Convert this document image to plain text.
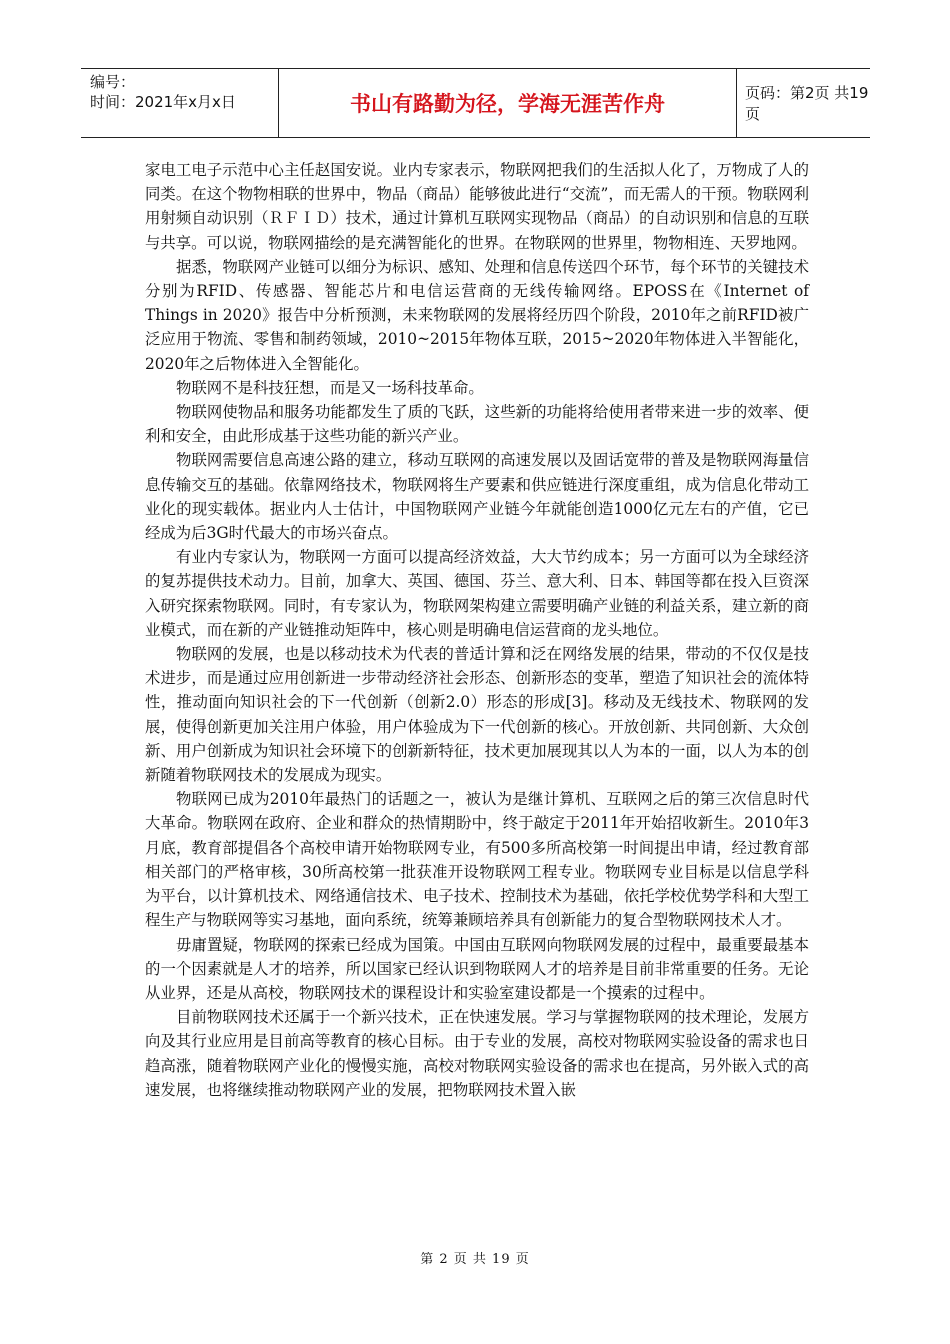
编号：
时间：2021年x月x日	书山有路勤为径，学海无涯苦作舟	页码：第2页 共19页

家电工电子示范中心主任赵国安说。业内专家表示，物联网把我们的生活拟人化了，万物成了人的同类。在这个物物相联的世界中，物品（商品）能够彼此进行“交流”，而无需人的干预。物联网利用射频自动识别（ＲＦＩＤ）技术，通过计算机互联网实现物品（商品）的自动识别和信息的互联与共享。可以说，物联网描绘的是充满智能化的世界。在物联网的世界里，物物相连、天罗地网。

据悉，物联网产业链可以细分为标识、感知、处理和信息传送四个环节，每个环节的关键技术分别为RFID、传感器、智能芯片和电信运营商的无线传输网络。EPOSS在《Internet of Things in 2020》报告中分析预测，未来物联网的发展将经历四个阶段，2010年之前RFID被广泛应用于物流、零售和制药领域，2010~2015年物体互联，2015~2020年物体进入半智能化，2020年之后物体进入全智能化。

物联网不是科技狂想，而是又一场科技革命。

物联网使物品和服务功能都发生了质的飞跃，这些新的功能将给使用者带来进一步的效率、便利和安全，由此形成基于这些功能的新兴产业。

物联网需要信息高速公路的建立，移动互联网的高速发展以及固话宽带的普及是物联网海量信息传输交互的基础。依靠网络技术，物联网将生产要素和供应链进行深度重组，成为信息化带动工业化的现实载体。据业内人士估计，中国物联网产业链今年就能创造1000亿元左右的产值，它已经成为后3G时代最大的市场兴奋点。

有业内专家认为，物联网一方面可以提高经济效益，大大节约成本；另一方面可以为全球经济的复苏提供技术动力。目前，加拿大、英国、德国、芬兰、意大利、日本、韩国等都在投入巨资深入研究探索物联网。同时，有专家认为，物联网架构建立需要明确产业链的利益关系，建立新的商业模式，而在新的产业链推动矩阵中，核心则是明确电信运营商的龙头地位。

物联网的发展，也是以移动技术为代表的普适计算和泛在网络发展的结果，带动的不仅仅是技术进步，而是通过应用创新进一步带动经济社会形态、创新形态的变革，塑造了知识社会的流体特性，推动面向知识社会的下一代创新（创新2.0）形态的形成[3]。移动及无线技术、物联网的发展，使得创新更加关注用户体验，用户体验成为下一代创新的核心。开放创新、共同创新、大众创新、用户创新成为知识社会环境下的创新新特征，技术更加展现其以人为本的一面，以人为本的创新随着物联网技术的发展成为现实。

物联网已成为2010年最热门的话题之一，被认为是继计算机、互联网之后的第三次信息时代大革命。物联网在政府、企业和群众的热情期盼中，终于敲定于2011年开始招收新生。2010年3月底，教育部提倡各个高校申请开始物联网专业，有500多所高校第一时间提出申请，经过教育部相关部门的严格审核，30所高校第一批获准开设物联网工程专业。物联网专业目标是以信息学科为平台，以计算机技术、网络通信技术、电子技术、控制技术为基础，依托学校优势学科和大型工程生产与物联网等实习基地，面向系统，统筹兼顾培养具有创新能力的复合型物联网技术人才。

毋庸置疑，物联网的探索已经成为国策。中国由互联网向物联网发展的过程中，最重要最基本的一个因素就是人才的培养，所以国家已经认识到物联网人才的培养是目前非常重要的任务。无论从业界，还是从高校，物联网技术的课程设计和实验室建设都是一个摸索的过程中。

目前物联网技术还属于一个新兴技术，正在快速发展。学习与掌握物联网的技术理论，发展方向及其行业应用是目前高等教育的核心目标。由于专业的发展，高校对物联网实验设备的需求也日趋高涨，随着物联网产业化的慢慢实施，高校对物联网实验设备的需求也在提高，另外嵌入式的高速发展，也将继续推动物联网产业的发展，把物联网技术置入嵌

第 2 页 共 19 页
